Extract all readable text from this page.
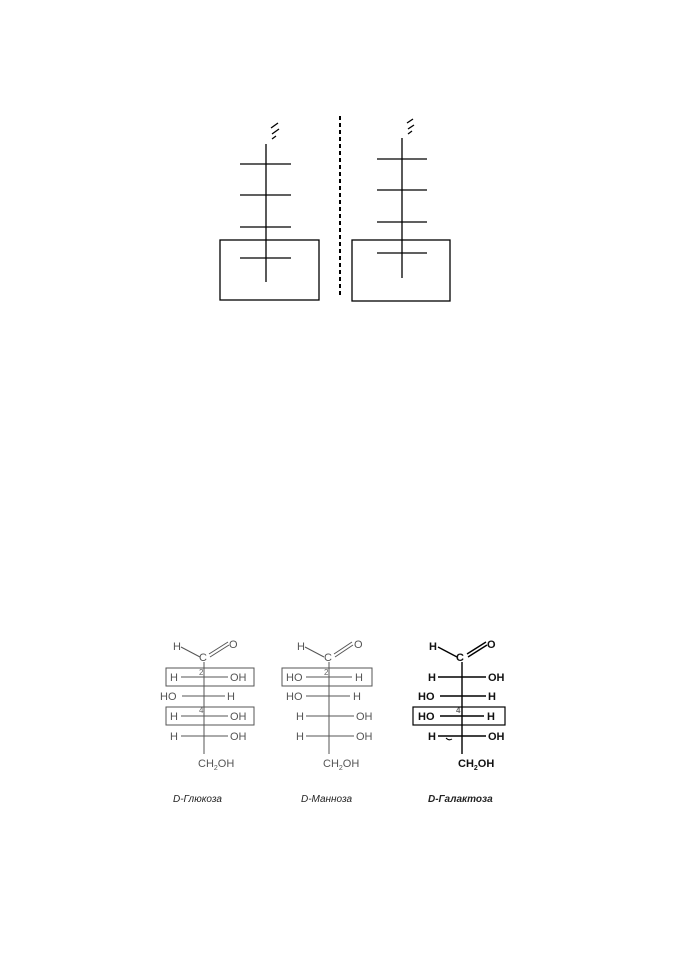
H
C
O
H	OH
2
HO	H
H	OH
4
H	OH
$CH_2OH$
D-Глюкоза
H
C
O
HO	H
2
HO	H
H	OH
H	OH
$CH_2OH$
D-Манноза
H
C
O
H	OH
HO	H
HO	H
4
H	OH
$CH_2OH$
D-Галактоза
